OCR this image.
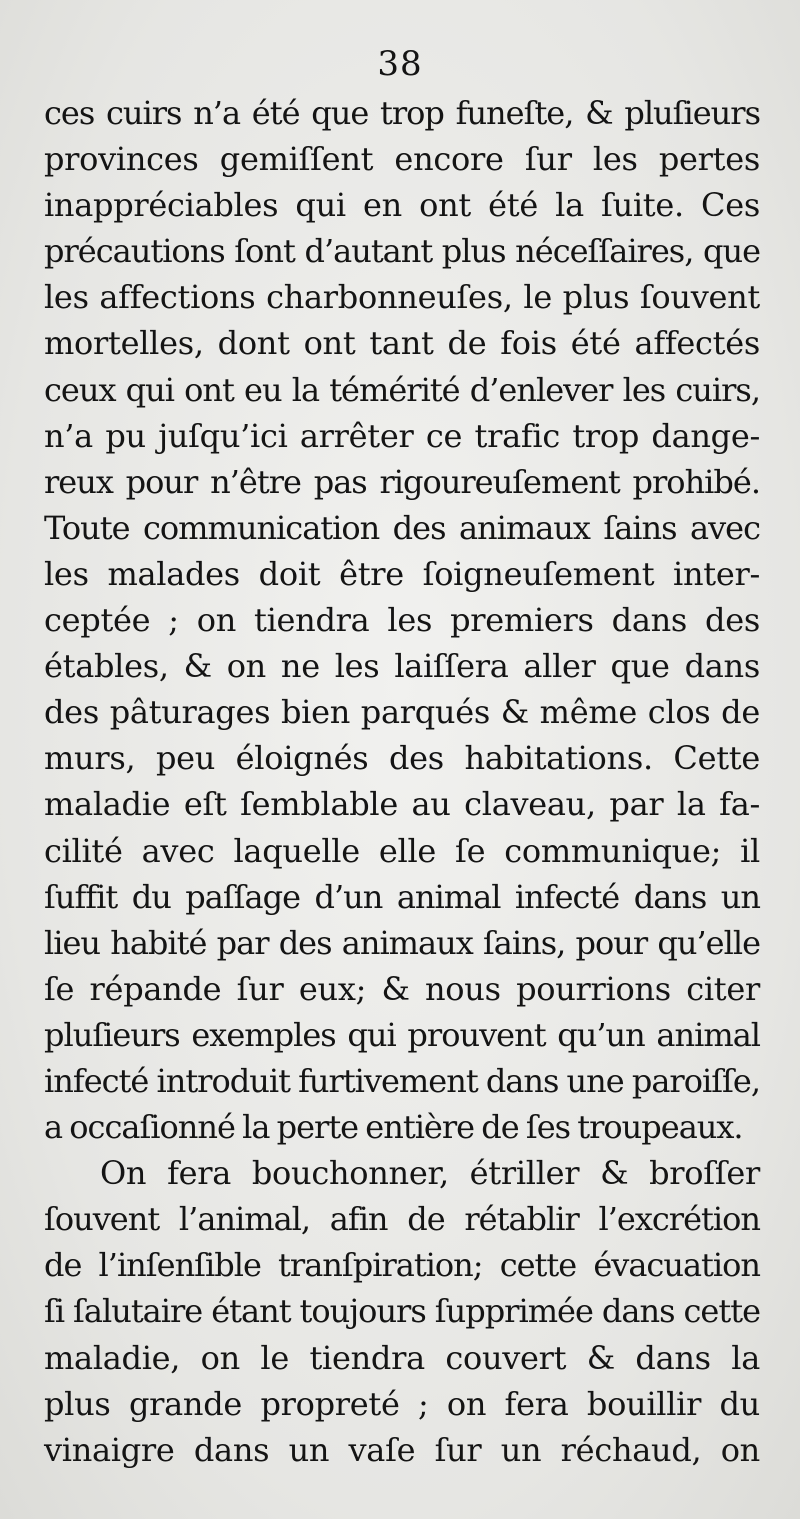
38
ces cuirs n’a été que trop funeſte, & pluſieurs
provinces gemiſſent encore ſur les pertes
inappréciables qui en ont été la ſuite. Ces
précautions ſont d’autant plus néceſſaires, que
les affections charbonneuſes, le plus ſouvent
mortelles, dont ont tant de fois été affectés
ceux qui ont eu la témérité d’enlever les cuirs,
n’a pu juſqu’ici arrêter ce trafic trop dange-
reux pour n’être pas rigoureuſement prohibé.
Toute communication des animaux ſains avec
les malades doit être ſoigneuſement inter-
ceptée ; on tiendra les premiers dans des
étables, & on ne les laiſſera aller que dans
des pâturages bien parqués & même clos de
murs, peu éloignés des habitations. Cette
maladie eſt ſemblable au claveau, par la fa-
cilité avec laquelle elle ſe communique; il
ſuffit du paſſage d’un animal infecté dans un
lieu habité par des animaux ſains, pour qu’elle
ſe répande ſur eux; & nous pourrions citer
pluſieurs exemples qui prouvent qu’un animal
infecté introduit furtivement dans une paroiſſe,
a occaſionné la perte entière de ſes troupeaux.
On fera bouchonner, étriller & broſſer
ſouvent l’animal, afin de rétablir l’excrétion
de l’inſenſible tranſpiration; cette évacuation
ſi ſalutaire étant toujours ſupprimée dans cette
maladie, on le tiendra couvert & dans la
plus grande propreté ; on fera bouillir du
vinaigre dans un vaſe ſur un réchaud, on
